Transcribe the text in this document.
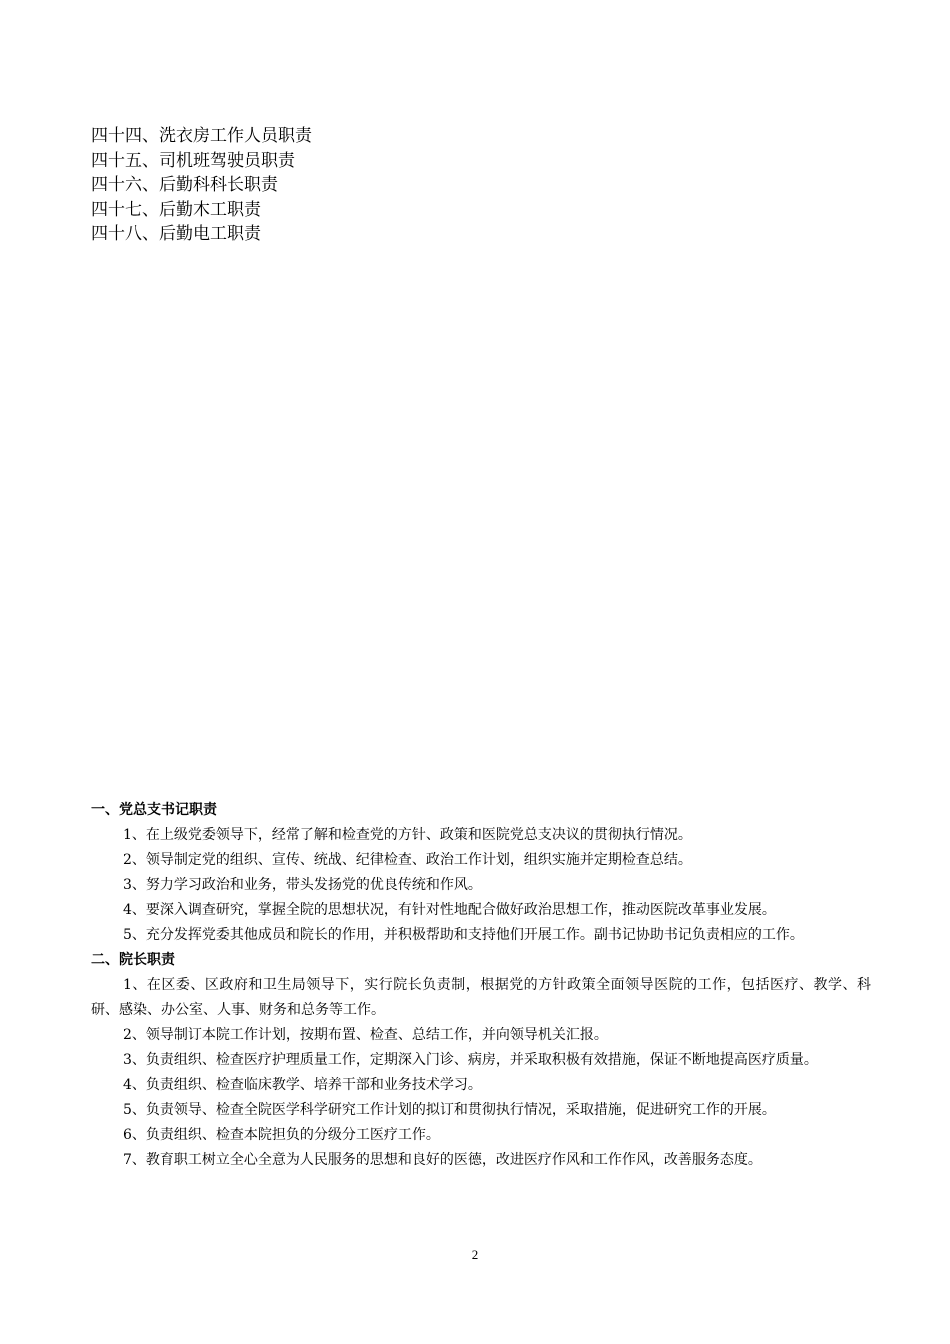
四十四、洗衣房工作人员职责
四十五、司机班驾驶员职责
四十六、后勤科科长职责
四十七、后勤木工职责
四十八、后勤电工职责
一、党总支书记职责
1、在上级党委领导下，经常了解和检查党的方针、政策和医院党总支决议的贯彻执行情况。
2、领导制定党的组织、宣传、统战、纪律检查、政治工作计划，组织实施并定期检查总结。
3、努力学习政治和业务，带头发扬党的优良传统和作风。
4、要深入调查研究，掌握全院的思想状况，有针对性地配合做好政治思想工作，推动医院改革事业发展。
5、充分发挥党委其他成员和院长的作用，并积极帮助和支持他们开展工作。副书记协助书记负责相应的工作。
二、院长职责
1、在区委、区政府和卫生局领导下，实行院长负责制，根据党的方针政策全面领导医院的工作，包括医疗、教学、科研、感染、办公室、人事、财务和总务等工作。
2、领导制订本院工作计划，按期布置、检查、总结工作，并向领导机关汇报。
3、负责组织、检查医疗护理质量工作，定期深入门诊、病房，并采取积极有效措施，保证不断地提高医疗质量。
4、负责组织、检查临床教学、培养干部和业务技术学习。
5、负责领导、检查全院医学科学研究工作计划的拟订和贯彻执行情况，采取措施，促进研究工作的开展。
6、负责组织、检查本院担负的分级分工医疗工作。
7、教育职工树立全心全意为人民服务的思想和良好的医德，改进医疗作风和工作作风，改善服务态度。
2
